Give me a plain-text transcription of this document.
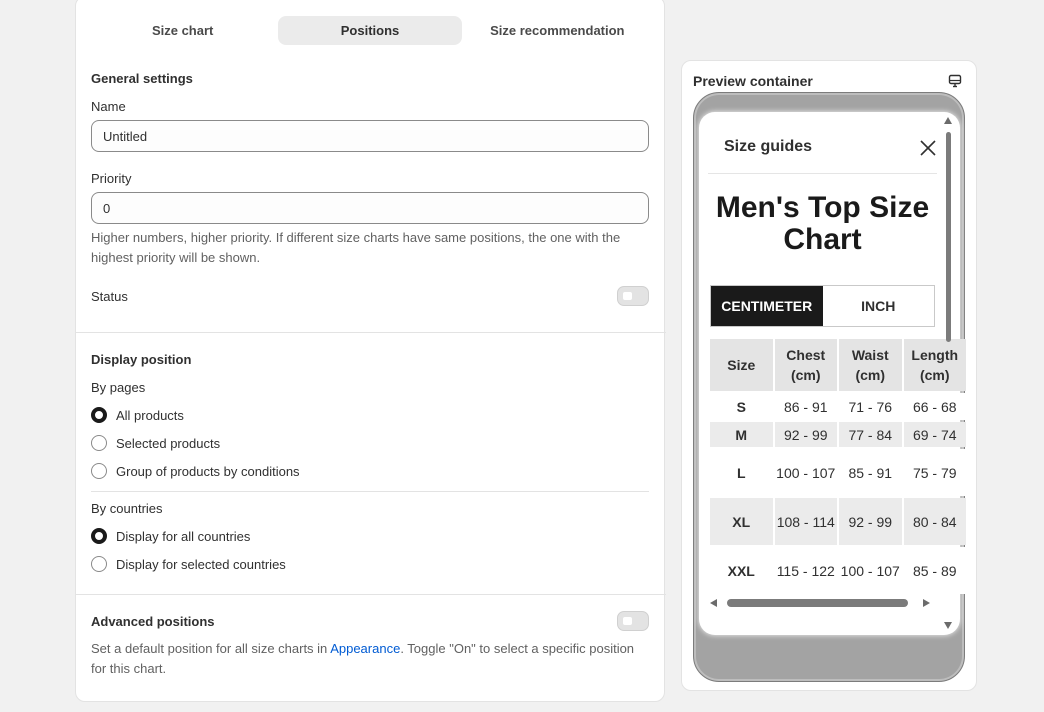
Size chart	Positions	Size recommendation
General settings
Name
Untitled
Priority
0
Higher numbers, higher priority. If different size charts have same positions, the one with the highest priority will be shown.
Status
Display position
By pages
All products
Selected products
Group of products by conditions
By countries
Display for all countries
Display for selected countries
Advanced positions
Set a default position for all size charts in Appearance. Toggle "On" to select a specific position for this chart.
Preview container
Size guides
Men's Top Size Chart
CENTIMETER	INCH
Size	Chest (cm)	Waist (cm)	Length (cm)
S	86 - 91	71 - 76	66 - 68
M	92 - 99	77 - 84	69 - 74
L	100 - 107	85 - 91	75 - 79
XL	108 - 114	92 - 99	80 - 84
XXL	115 - 122	100 - 107	85 - 89
